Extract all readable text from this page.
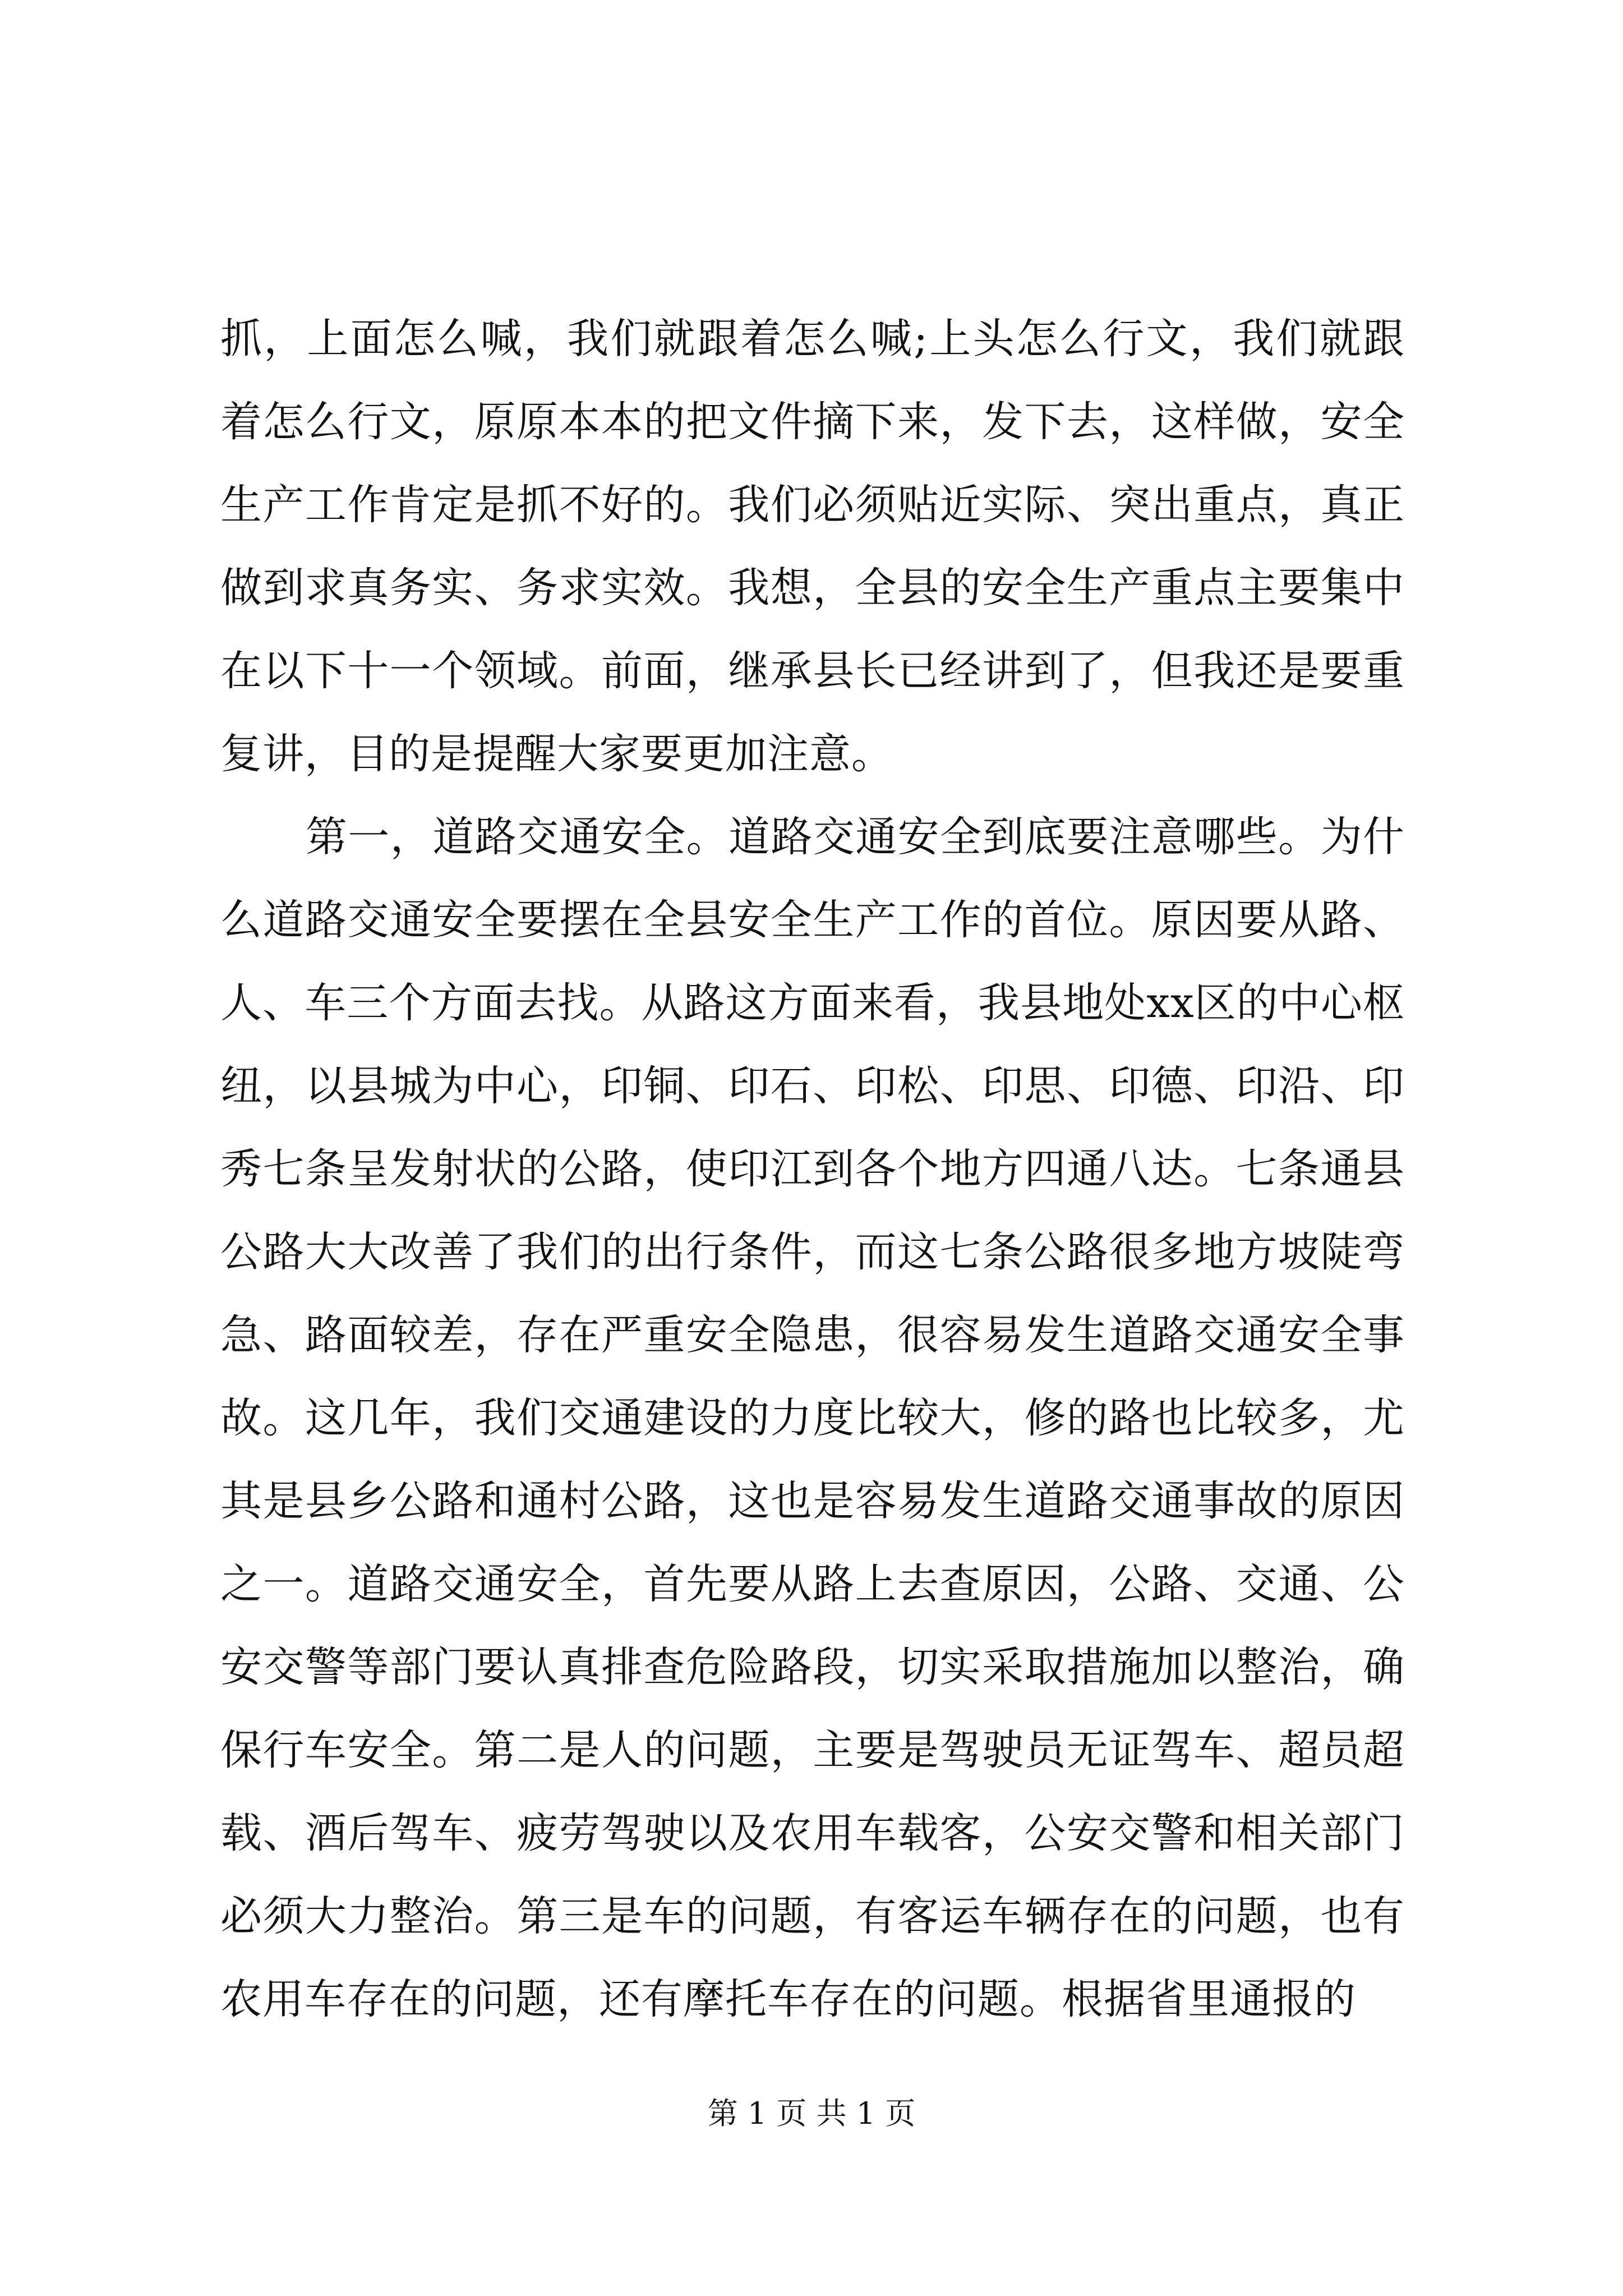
抓，上面怎么喊，我们就跟着怎么喊;上头怎么行文，我们就跟着怎么行文，原原本本的把文件摘下来，发下去，这样做，安全生产工作肯定是抓不好的。我们必须贴近实际、突出重点，真正做到求真务实、务求实效。我想，全县的安全生产重点主要集中在以下十一个领域。前面，继承县长已经讲到了，但我还是要重复讲，目的是提醒大家要更加注意。

第一，道路交通安全。道路交通安全到底要注意哪些。为什么道路交通安全要摆在全县安全生产工作的首位。原因要从路、人、车三个方面去找。从路这方面来看，我县地处xx区的中心枢纽，以县城为中心，印铜、印石、印松、印思、印德、印沿、印秀七条呈发射状的公路，使印江到各个地方四通八达。七条通县公路大大改善了我们的出行条件，而这七条公路很多地方坡陡弯急、路面较差，存在严重安全隐患，很容易发生道路交通安全事故。这几年，我们交通建设的力度比较大，修的路也比较多，尤其是县乡公路和通村公路，这也是容易发生道路交通事故的原因之一。道路交通安全，首先要从路上去查原因，公路、交通、公安交警等部门要认真排查危险路段，切实采取措施加以整治，确保行车安全。第二是人的问题，主要是驾驶员无证驾车、超员超载、酒后驾车、疲劳驾驶以及农用车载客，公安交警和相关部门必须大力整治。第三是车的问题，有客运车辆存在的问题，也有农用车存在的问题，还有摩托车存在的问题。根据省里通报的

第 1 页 共 1 页
